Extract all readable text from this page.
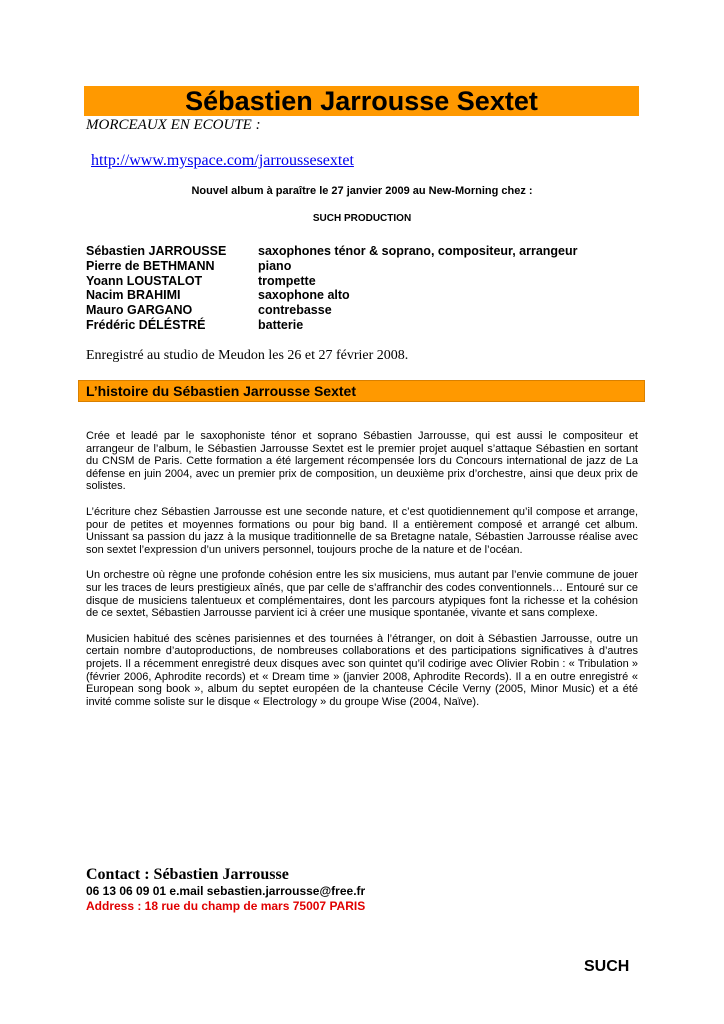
Sébastien Jarrousse Sextet
MORCEAUX EN ECOUTE :
http://www.myspace.com/jarroussesextet
Nouvel album à paraître le 27 janvier 2009 au New-Morning chez :
SUCH PRODUCTION
Sébastien JARROUSSE	saxophones ténor & soprano, compositeur, arrangeur
Pierre de BETHMANN	piano
Yoann LOUSTALOT	trompette
Nacim BRAHIMI	saxophone alto
Mauro GARGANO	contrebasse
Frédéric DÉLÉSTRÉ	batterie
Enregistré au studio de Meudon les 26 et 27 février 2008.
L’histoire du Sébastien Jarrousse Sextet

Crée et leadé par le saxophoniste ténor et soprano Sébastien Jarrousse, qui est aussi le compositeur et arrangeur de l’album, le Sébastien Jarrousse Sextet est le premier projet auquel s’attaque Sébastien en sortant du CNSM de Paris. Cette formation a été largement récompensée lors du Concours international de jazz de La défense en juin 2004, avec un premier prix de composition, un deuxième prix d’orchestre, ainsi que deux prix de solistes.

L’écriture chez Sébastien Jarrousse est une seconde nature, et c’est quotidiennement qu’il compose et arrange, pour de petites et moyennes formations ou pour big band. Il a entièrement composé et arrangé cet album. Unissant sa passion du jazz à la musique traditionnelle de sa Bretagne natale, Sébastien Jarrousse réalise avec son sextet l’expression d’un univers personnel, toujours proche de la nature et de l’océan.

Un orchestre où règne une profonde cohésion entre les six musiciens, mus autant par l’envie commune de jouer sur les traces de leurs prestigieux aînés, que par celle de s’affranchir des codes conventionnels… Entouré sur ce disque de musiciens talentueux et complémentaires, dont les parcours atypiques font la richesse et la cohésion de ce sextet, Sébastien Jarrousse parvient ici à créer une musique spontanée, vivante et sans complexe.

Musicien habitué des scènes parisiennes et des tournées à l’étranger, on doit à Sébastien Jarrousse, outre un certain nombre d’autoproductions, de nombreuses collaborations et des participations significatives à d’autres projets. Il a récemment enregistré deux disques avec son quintet qu’il codirige avec Olivier Robin : « Tribulation » (février 2006, Aphrodite records) et « Dream time » (janvier 2008, Aphrodite Records). Il a en outre enregistré « European song book », album du septet européen de la chanteuse Cécile Verny (2005, Minor Music) et a été invité comme soliste sur le disque « Electrology » du groupe Wise (2004, Naïve).

Contact : Sébastien Jarrousse
06 13 06 09 01 e.mail sebastien.jarrousse@free.fr
Address : 18 rue du champ de mars 75007 PARIS
SUCH
